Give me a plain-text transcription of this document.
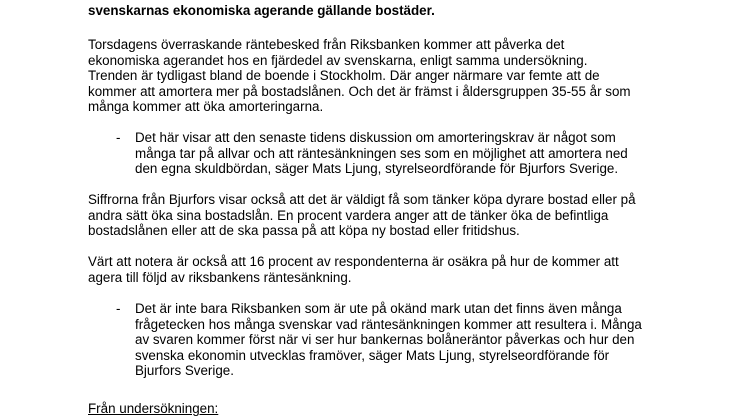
svenskarnas ekonomiska agerande gällande bostäder.

Torsdagens överraskande räntebesked från Riksbanken kommer att påverka det

ekonomiska agerandet hos en fjärdedel av svenskarna, enligt samma undersökning.

Trenden är tydligast bland de boende i Stockholm. Där anger närmare var femte att de

kommer att amortera mer på bostadslånen. Och det är främst i åldersgruppen 35-55 år som

många kommer att öka amorteringarna.

- Det här visar att den senaste tidens diskussion om amorteringskrav är något som

många tar på allvar och att räntesänkningen ses som en möjlighet att amortera ned

den egna skuldbördan, säger Mats Ljung, styrelseordförande för Bjurfors Sverige.

Siffrorna från Bjurfors visar också att det är väldigt få som tänker köpa dyrare bostad eller på

andra sätt öka sina bostadslån. En procent vardera anger att de tänker öka de befintliga

bostadslånen eller att de ska passa på att köpa ny bostad eller fritidshus.

Värt att notera är också att 16 procent av respondenterna är osäkra på hur de kommer att

agera till följd av riksbankens räntesänkning.

- Det är inte bara Riksbanken som är ute på okänd mark utan det finns även många

frågetecken hos många svenskar vad räntesänkningen kommer att resultera i. Många

av svaren kommer först när vi ser hur bankernas bolåneräntor påverkas och hur den

svenska ekonomin utvecklas framöver, säger Mats Ljung, styrelseordförande för

Bjurfors Sverige.

Från undersökningen:
